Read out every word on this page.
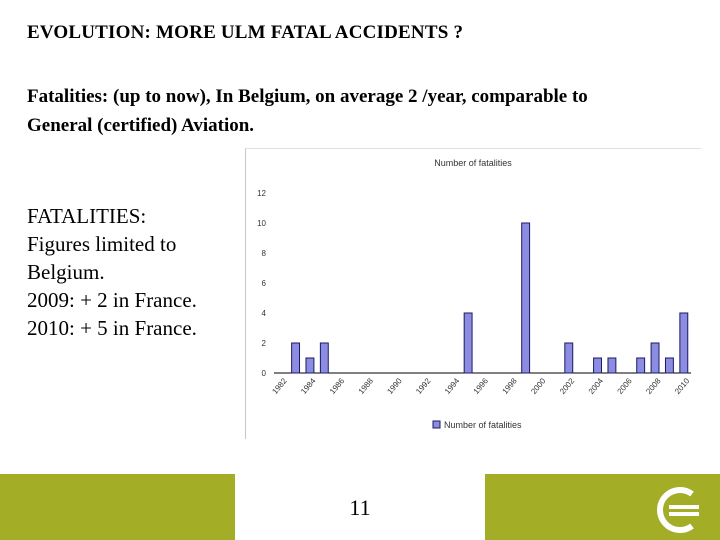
EVOLUTION: MORE ULM FATAL ACCIDENTS ?

Fatalities: (up to now), In Belgium, on average 2 /year, comparable to General (certified) Aviation.

FATALITIES:
Figures limited to
Belgium.
2009: + 2 in France.
2010: + 5 in France.
Number of fatalities
0
2
4
6
8
10
12
1982 1984 1986 1988 1990 1992 1994 1996 1998 2000 2002 2004 2006 2008 2010
Number of fatalities
11
